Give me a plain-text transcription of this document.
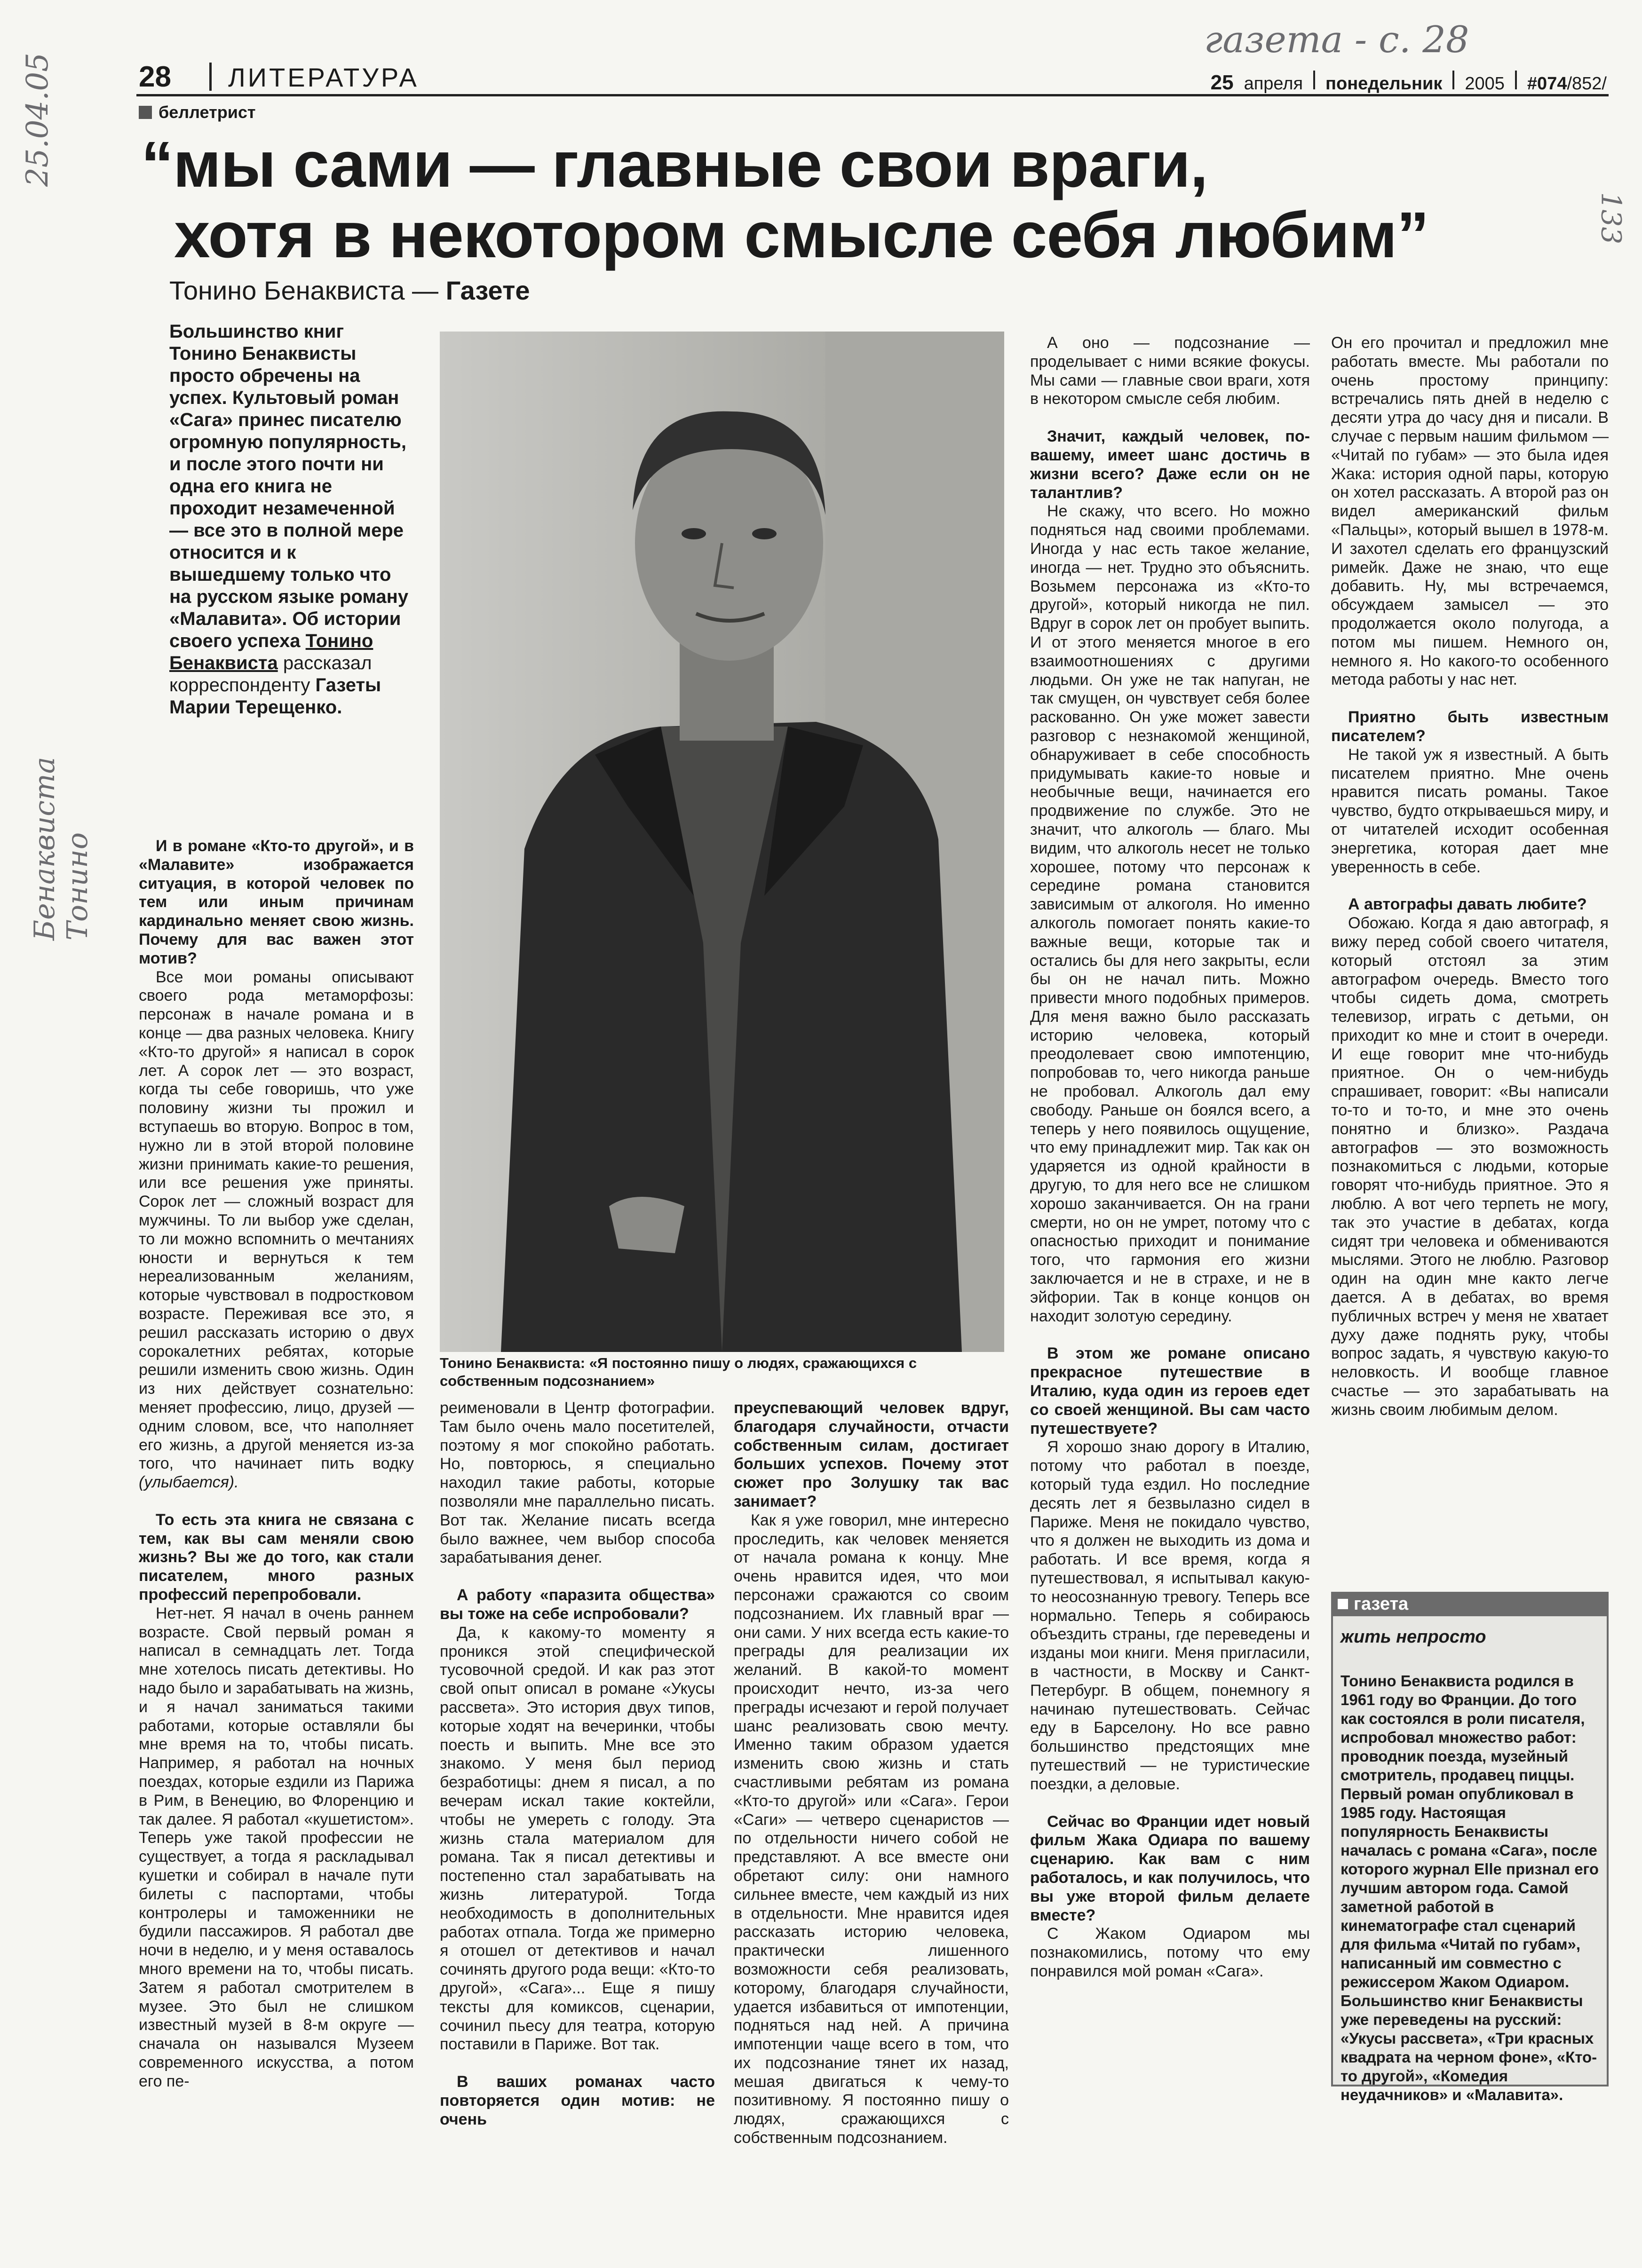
25.04.05
газета - с. 28
133
Бенаквиста Тонино
28 ЛИТЕРАТУРА	25 апреля понедельник 2005 #074/852/
беллетрист
“мы сами — главные свои враги,
хотя в некотором смысле себя любим”
Тонино Бенаквиста — Газете
Большинство книг Тонино Бенаквисты просто обречены на успех. Культовый роман «Сага» принес писателю огромную популярность, и после этого почти ни одна его книга не проходит незамеченной — все это в полной мере относится и к вышедшему только что на русском языке роману «Малавита». Об истории своего успеха Тонино Бенаквиста рассказал корреспонденту Газеты Марии Терещенко.
Тонино Бенаквиста: «Я постоянно пишу о людях, сражающихся с собственным подсознанием»

И в романе «Кто-то другой», и в «Малавите» изображается ситуация, в которой человек по тем или иным причинам кардинально меняет свою жизнь. Почему для вас важен этот мотив?

Все мои романы описывают своего рода метаморфозы: персонаж в начале романа и в конце — два разных человека. Книгу «Кто-то другой» я написал в сорок лет. А сорок лет — это возраст, когда ты себе говоришь, что уже половину жизни ты прожил и вступаешь во вторую. Вопрос в том, нужно ли в этой второй половине жизни принимать какие-то решения, или все решения уже приняты. Сорок лет — сложный возраст для мужчины. То ли выбор уже сделан, то ли можно вспомнить о мечтаниях юности и вернуться к тем нереализованным желаниям, которые чувствовал в подростковом возрасте. Переживая все это, я решил рассказать историю о двух сорокалетних ребятах, которые решили изменить свою жизнь. Один из них действует сознательно: меняет профессию, лицо, друзей — одним словом, все, что наполняет его жизнь, а другой меняется из-за того, что начинает пить водку (улыбается).

То есть эта книга не связана с тем, как вы сам меняли свою жизнь? Вы же до того, как стали писателем, много разных профессий перепробовали.

Нет-нет. Я начал в очень раннем возрасте. Свой первый роман я написал в семнадцать лет. Тогда мне хотелось писать детективы. Но надо было и зарабатывать на жизнь, и я начал заниматься такими работами, которые оставляли бы мне время на то, чтобы писать. Например, я работал на ночных поездах, которые ездили из Парижа в Рим, в Венецию, во Флоренцию и так далее. Я работал «кушетистом». Теперь уже такой профессии не существует, а тогда я раскладывал кушетки и собирал в начале пути билеты с паспортами, чтобы контролеры и таможенники не будили пассажиров. Я работал две ночи в неделю, и у меня оставалось много времени на то, чтобы писать. Затем я работал смотрителем в музее. Это был не слишком известный музей в 8-м округе — сначала он назывался Музеем современного искусства, а потом его пе-

реименовали в Центр фотографии. Там было очень мало посетителей, поэтому я мог спокойно работать. Но, повторюсь, я специально находил такие работы, которые позволяли мне параллельно писать. Вот так. Желание писать всегда было важнее, чем выбор способа зарабатывания денег.

А работу «паразита общества» вы тоже на себе испробовали?

Да, к какому-то моменту я проникся этой специфической тусовочной средой. И как раз этот свой опыт описал в романе «Укусы рассвета». Это история двух типов, которые ходят на вечеринки, чтобы поесть и выпить. Мне все это знакомо. У меня был период безработицы: днем я писал, а по вечерам искал такие коктейли, чтобы не умереть с голоду. Эта жизнь стала материалом для романа. Так я писал детективы и постепенно стал зарабатывать на жизнь литературой. Тогда необходимость в дополнительных работах отпала. Тогда же примерно я отошел от детективов и начал сочинять другого рода вещи: «Кто-то другой», «Сага»... Еще я пишу тексты для комиксов, сценарии, сочинил пьесу для театра, которую поставили в Париже. Вот так.

В ваших романах часто повторяется один мотив: не очень

преуспевающий человек вдруг, благодаря случайности, отчасти собственным силам, достигает больших успехов. Почему этот сюжет про Золушку так вас занимает?

Как я уже говорил, мне интересно проследить, как человек меняется от начала романа к концу. Мне очень нравится идея, что мои персонажи сражаются со своим подсознанием. Их главный враг — они сами. У них всегда есть какие-то преграды для реализации их желаний. В какой-то момент происходит нечто, из-за чего преграды исчезают и герой получает шанс реализовать свою мечту. Именно таким образом удается изменить свою жизнь и стать счастливыми ребятам из романа «Кто-то другой» или «Сага». Герои «Саги» — четверо сценаристов — по отдельности ничего собой не представляют. А все вместе они обретают силу: они намного сильнее вместе, чем каждый из них в отдельности. Мне нравится идея рассказать историю человека, практически лишенного возможности себя реализовать, которому, благодаря случайности, удается избавиться от импотенции, подняться над ней. А причина импотенции чаще всего в том, что их подсознание тянет их назад, мешая двигаться к чему-то позитивному. Я постоянно пишу о людях, сражающихся с собственным подсознанием.

А оно — подсознание — проделывает с ними всякие фокусы. Мы сами — главные свои враги, хотя в некотором смысле себя любим.

Значит, каждый человек, по-вашему, имеет шанс достичь в жизни всего? Даже если он не талантлив?

Не скажу, что всего. Но можно подняться над своими проблемами. Иногда у нас есть такое желание, иногда — нет. Трудно это объяснить. Возьмем персонажа из «Кто-то другой», который никогда не пил. Вдруг в сорок лет он пробует выпить. И от этого меняется многое в его взаимоотношениях с другими людьми. Он уже не так напуган, не так смущен, он чувствует себя более раскованно. Он уже может завести разговор с незнакомой женщиной, обнаруживает в себе способность придумывать какие-то новые и необычные вещи, начинается его продвижение по службе. Это не значит, что алкоголь — благо. Мы видим, что алкоголь несет не только хорошее, потому что персонаж к середине романа становится зависимым от алкоголя. Но именно алкоголь помогает понять какие-то важные вещи, которые так и остались бы для него закрыты, если бы он не начал пить. Можно привести много подобных примеров. Для меня важно было рассказать историю человека, который преодолевает свою импотенцию, попробовав то, чего никогда раньше не пробовал. Алкоголь дал ему свободу. Раньше он боялся всего, а теперь у него появилось ощущение, что ему принадлежит мир. Так как он ударяется из одной крайности в другую, то для него все не слишком хорошо заканчивается. Он на грани смерти, но он не умрет, потому что с опасностью приходит и понимание того, что гармония его жизни заключается и не в страхе, и не в эйфории. Так в конце концов он находит золотую середину.

В этом же романе описано прекрасное путешествие в Италию, куда один из героев едет со своей женщиной. Вы сам часто путешествуете?

Я хорошо знаю дорогу в Италию, потому что работал в поезде, который туда ездил. Но последние десять лет я безвылазно сидел в Париже. Меня не покидало чувство, что я должен не выходить из дома и работать. И все время, когда я путешествовал, я испытывал какую-то неосознанную тревогу. Теперь все нормально. Теперь я собираюсь объездить страны, где переведены и изданы мои книги. Меня пригласили, в частности, в Москву и Санкт-Петербург. В общем, понемногу я начинаю путешествовать. Сейчас еду в Барселону. Но все равно большинство предстоящих мне путешествий — не туристические поездки, а деловые.

Сейчас во Франции идет новый фильм Жака Одиара по вашему сценарию. Как вам с ним работалось, и как получилось, что вы уже второй фильм делаете вместе?

С Жаком Одиаром мы познакомились, потому что ему понравился мой роман «Сага».

Он его прочитал и предложил мне работать вместе. Мы работали по очень простому принципу: встречались пять дней в неделю с десяти утра до часу дня и писали. В случае с первым нашим фильмом — «Читай по губам» — это была идея Жака: история одной пары, которую он хотел рассказать. А второй раз он видел американский фильм «Пальцы», который вышел в 1978-м. И захотел сделать его французский римейк. Даже не знаю, что еще добавить. Ну, мы встречаемся, обсуждаем замысел — это продолжается около полугода, а потом мы пишем. Немного он, немного я. Но какого-то особенного метода работы у нас нет.

Приятно быть известным писателем?

Не такой уж я известный. А быть писателем приятно. Мне очень нравится писать романы. Такое чувство, будто открываешься миру, и от читателей исходит особенная энергетика, которая дает мне уверенность в себе.

А автографы давать любите?

Обожаю. Когда я даю автограф, я вижу перед собой своего читателя, который отстоял за этим автографом очередь. Вместо того чтобы сидеть дома, смотреть телевизор, играть с детьми, он приходит ко мне и стоит в очереди. И еще говорит мне что-нибудь приятное. Он о чем-нибудь спрашивает, говорит: «Вы написали то-то и то-то, и мне это очень понятно и близко». Раздача автографов — это возможность познакомиться с людьми, которые говорят что-нибудь приятное. Это я люблю. А вот чего терпеть не могу, так это участие в дебатах, когда сидят три человека и обмениваются мыслями. Этого не люблю. Разговор один на один мне както легче дается. А в дебатах, во время публичных встреч у меня не хватает духу даже поднять руку, чтобы вопрос задать, я чувствую какую-то неловкость. И вообще главное счастье — это зарабатывать на жизнь своим любимым делом.

газета
жить непросто
Тонино Бенаквиста родился в 1961 году во Франции. До того как состоялся в роли писателя, испробовал множество работ: проводник поезда, музейный смотритель, продавец пиццы. Первый роман опубликовал в 1985 году. Настоящая популярность Бенаквисты началась с романа «Сага», после которого журнал Elle признал его лучшим автором года. Самой заметной работой в кинематографе стал сценарий для фильма «Читай по губам», написанный им совместно с режиссером Жаком Одиаром. Большинство книг Бенаквисты уже переведены на русский: «Укусы рассвета», «Три красных квадрата на черном фоне», «Кто-то другой», «Комедия неудачников» и «Малавита».
